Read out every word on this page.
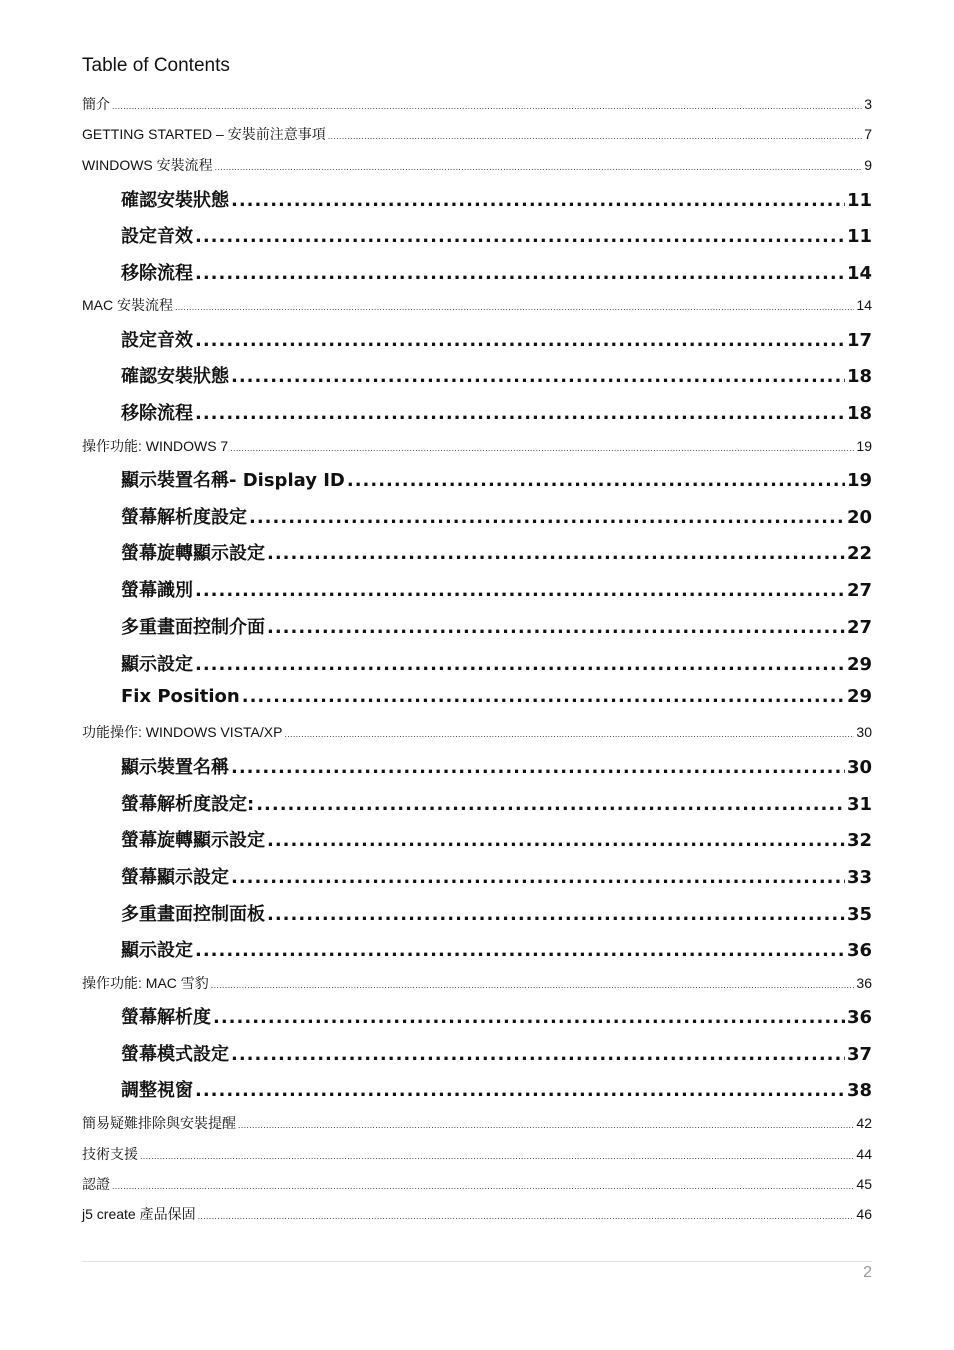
Table of Contents
簡介 .....	3
GETTING STARTED – 安裝前注意事項 .....	7
WINDOWS 安裝流程 .....	9
確認安裝狀態 .....	11
設定音效 .....	11
移除流程 .....	14
MAC 安裝流程 .....	14
設定音效 .....	17
確認安裝狀態 .....	18
移除流程 .....	18
操作功能: WINDOWS 7 .....	19
顯示裝置名稱- Display ID .....	19
螢幕解析度設定 .....	20
螢幕旋轉顯示設定 .....	22
螢幕識別 .....	27
多重畫面控制介面 .....	27
顯示設定 .....	29
Fix Position .....	29
功能操作: WINDOWS VISTA/XP .....	30
顯示裝置名稱 .....	30
螢幕解析度設定: .....	31
螢幕旋轉顯示設定 .....	32
螢幕顯示設定 .....	33
多重畫面控制面板 .....	35
顯示設定 .....	36
操作功能: MAC 雪豹 .....	36
螢幕解析度 .....	36
螢幕模式設定 .....	37
調整視窗 .....	38
簡易疑難排除與安裝提醒 .....	42
技術支援 .....	44
認證 .....	45
j5 create 產品保固 .....	46
2
